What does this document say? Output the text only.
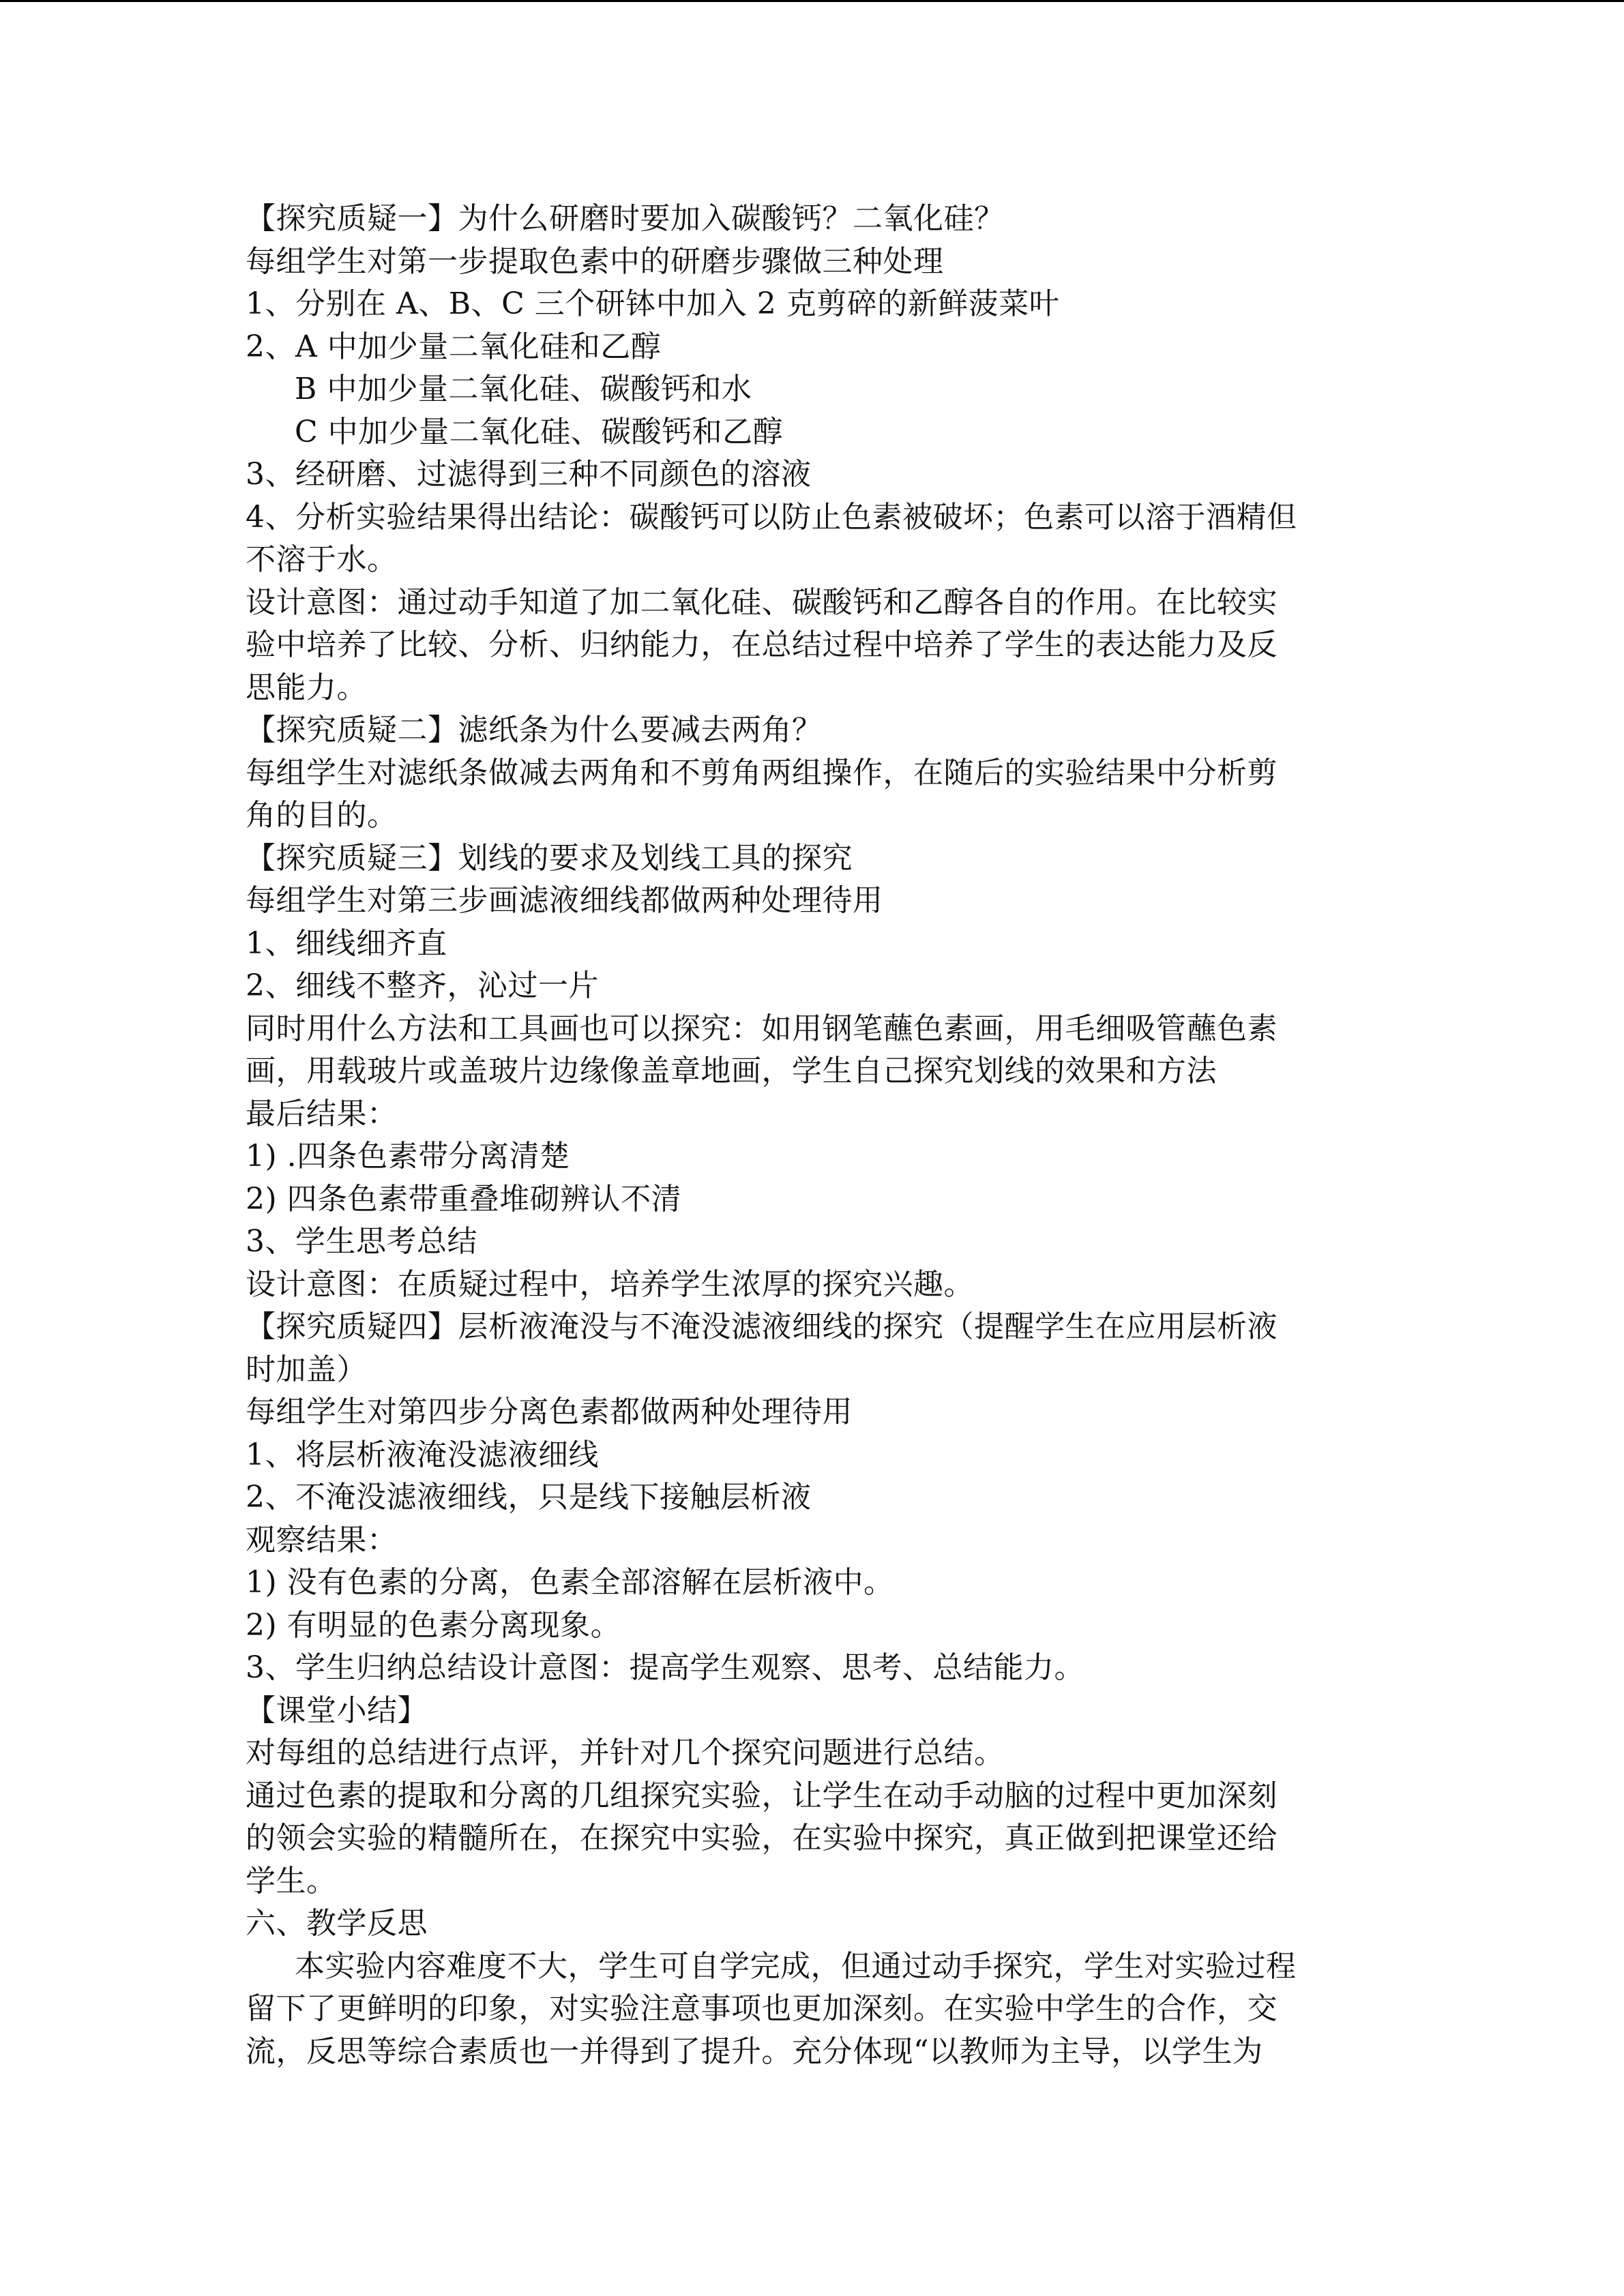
【探究质疑一】为什么研磨时要加入碳酸钙？二氧化硅？
每组学生对第一步提取色素中的研磨步骤做三种处理
1、分别在 A、B、C 三个研钵中加入 2 克剪碎的新鲜菠菜叶
2、A 中加少量二氧化硅和乙醇
B 中加少量二氧化硅、碳酸钙和水
C 中加少量二氧化硅、碳酸钙和乙醇
3、经研磨、过滤得到三种不同颜色的溶液
4、分析实验结果得出结论：碳酸钙可以防止色素被破坏；色素可以溶于酒精但
不溶于水。
设计意图：通过动手知道了加二氧化硅、碳酸钙和乙醇各自的作用。在比较实
验中培养了比较、分析、归纳能力，在总结过程中培养了学生的表达能力及反
思能力。
【探究质疑二】滤纸条为什么要减去两角？
每组学生对滤纸条做减去两角和不剪角两组操作，在随后的实验结果中分析剪
角的目的。
【探究质疑三】划线的要求及划线工具的探究
每组学生对第三步画滤液细线都做两种处理待用
1、细线细齐直
2、细线不整齐，沁过一片
同时用什么方法和工具画也可以探究：如用钢笔蘸色素画，用毛细吸管蘸色素
画，用载玻片或盖玻片边缘像盖章地画，学生自己探究划线的效果和方法
最后结果：
1) .四条色素带分离清楚
2) 四条色素带重叠堆砌辨认不清
3、学生思考总结
设计意图：在质疑过程中，培养学生浓厚的探究兴趣。
【探究质疑四】层析液淹没与不淹没滤液细线的探究（提醒学生在应用层析液
时加盖）
每组学生对第四步分离色素都做两种处理待用
1、将层析液淹没滤液细线
2、不淹没滤液细线，只是线下接触层析液
观察结果：
1) 没有色素的分离，色素全部溶解在层析液中。
2) 有明显的色素分离现象。
3、学生归纳总结设计意图：提高学生观察、思考、总结能力。
【课堂小结】
对每组的总结进行点评，并针对几个探究问题进行总结。
通过色素的提取和分离的几组探究实验，让学生在动手动脑的过程中更加深刻
的领会实验的精髓所在，在探究中实验，在实验中探究，真正做到把课堂还给
学生。
六、教学反思
本实验内容难度不大，学生可自学完成，但通过动手探究，学生对实验过程
留下了更鲜明的印象，对实验注意事项也更加深刻。在实验中学生的合作，交
流，反思等综合素质也一并得到了提升。充分体现“以教师为主导，以学生为
